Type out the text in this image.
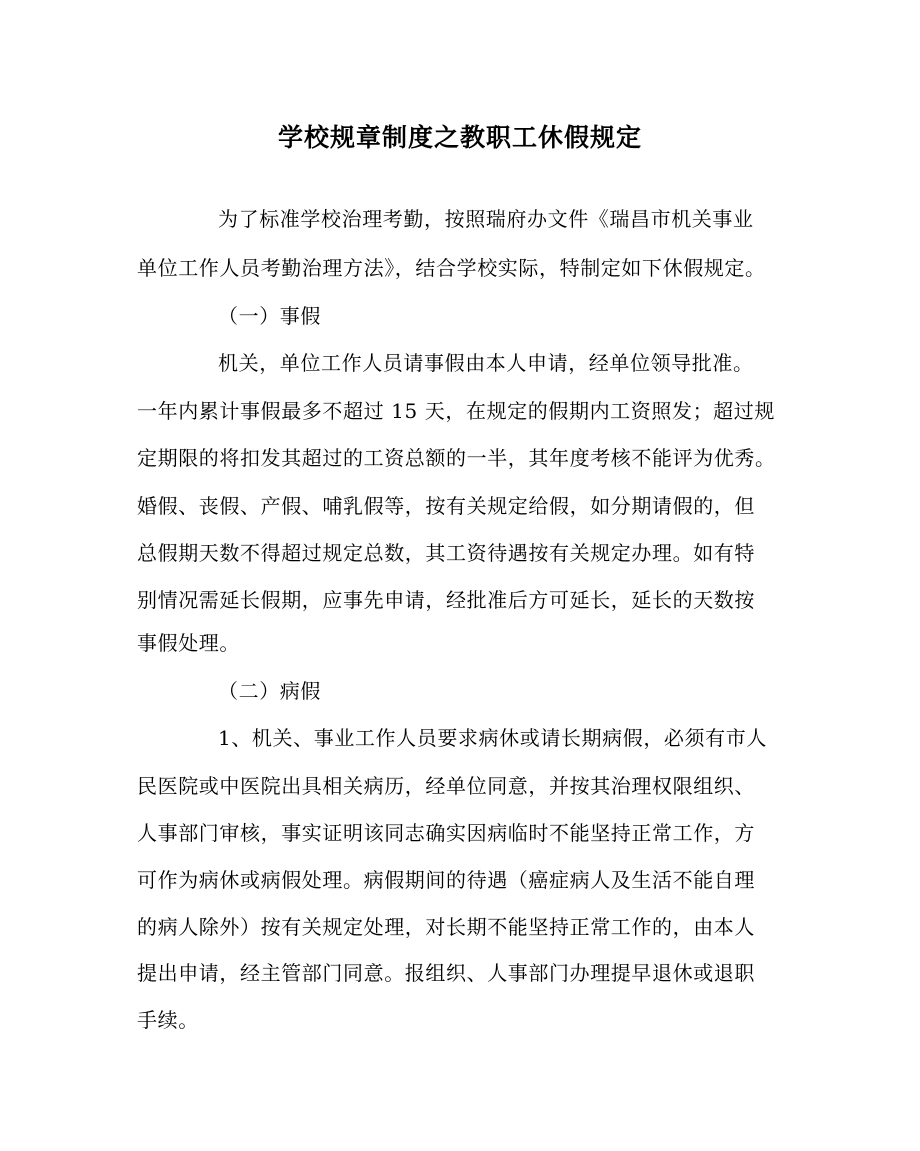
学校规章制度之教职工休假规定
为了标准学校治理考勤，按照瑞府办文件《瑞昌市机关事业
单位工作人员考勤治理方法》，结合学校实际，特制定如下休假规定。
（一）事假
机关，单位工作人员请事假由本人申请，经单位领导批准。
一年内累计事假最多不超过 15 天，在规定的假期内工资照发；超过规
定期限的将扣发其超过的工资总额的一半，其年度考核不能评为优秀。
婚假、丧假、产假、哺乳假等，按有关规定给假，如分期请假的，但
总假期天数不得超过规定总数，其工资待遇按有关规定办理。如有特
别情况需延长假期，应事先申请，经批准后方可延长，延长的天数按
事假处理。
（二）病假
1、机关、事业工作人员要求病休或请长期病假，必须有市人
民医院或中医院出具相关病历，经单位同意，并按其治理权限组织、
人事部门审核，事实证明该同志确实因病临时不能坚持正常工作，方
可作为病休或病假处理。病假期间的待遇（癌症病人及生活不能自理
的病人除外）按有关规定处理，对长期不能坚持正常工作的，由本人
提出申请，经主管部门同意。报组织、人事部门办理提早退休或退职
手续。
